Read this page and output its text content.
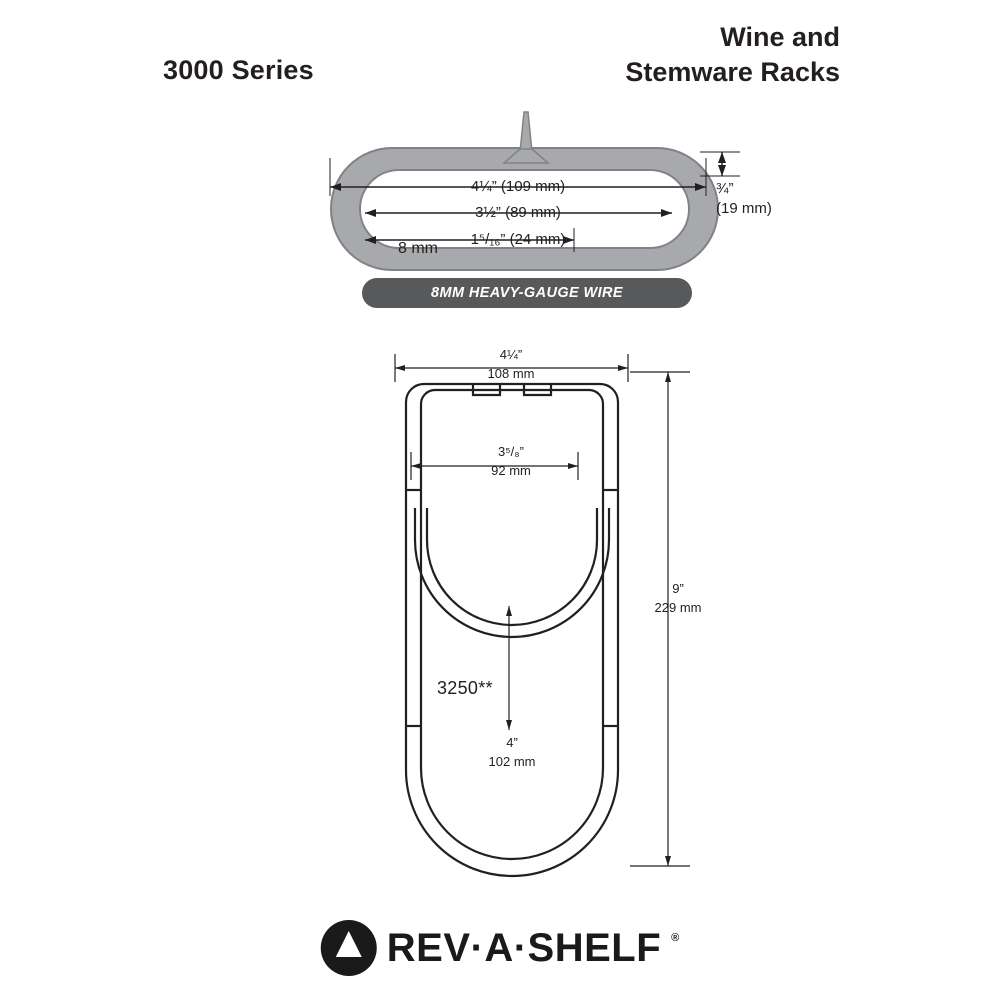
3000 Series
Wine and
Stemware Racks
4¼” (109 mm)
3½” (89 mm)
1⁵/₁₆” (24 mm)
8 mm
¾”
(19 mm)
8MM HEAVY-GAUGE WIRE
4¼”
108 mm
3⁵/₈”
92 mm
9”
229 mm
4”
102 mm
3250**
REV·A·SHELF ®
